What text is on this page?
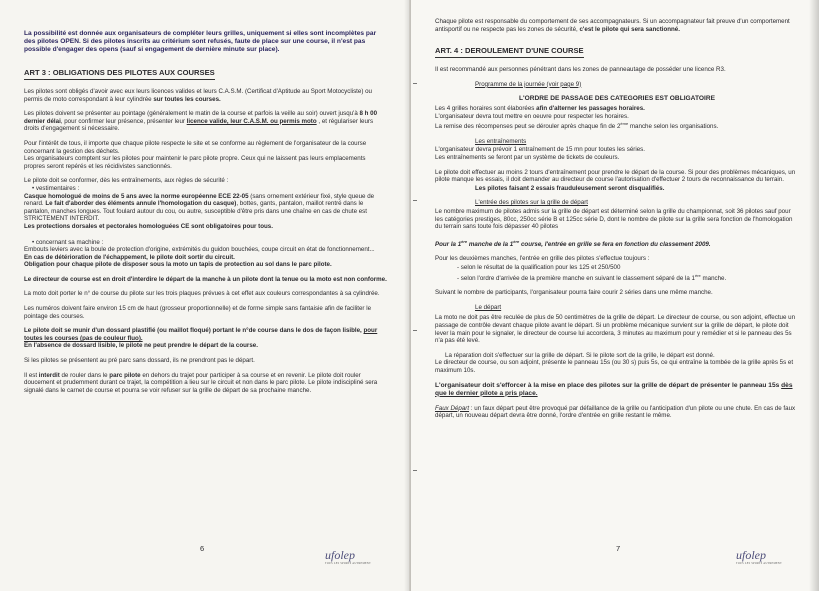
La possibilité est donnée aux organisateurs de compléter leurs grilles, uniquement si elles sont incomplètes par des pilotes OPEN. Si des pilotes inscrits au critérium sont refusés, faute de place sur une course, il n'est pas possible d'engager des opens (sauf si engagement de dernière minute sur place).

ART 3 : OBLIGATIONS DES PILOTES AUX COURSES

Les pilotes sont obligés d'avoir avec eux leurs licences valides et leurs C.A.S.M. (Certificat d'Aptitude au Sport Motocycliste) ou permis de moto correspondant à leur cylindrée sur toutes les courses.

Les pilotes doivent se présenter au pointage (généralement le matin de la course et parfois la veille au soir) ouvert jusqu'à 8 h 00 dernier délai, pour confirmer leur présence, présenter leur licence valide, leur C.A.S.M. ou permis moto , et régulariser leurs droits d'engagement si nécessaire.

Pour l'intérêt de tous, il importe que chaque pilote respecte le site et se conforme au règlement de l'organisateur de la course concernant la gestion des déchets.

Les organisateurs comptent sur les pilotes pour maintenir le parc pilote propre. Ceux qui ne laissent pas leurs emplacements propres seront repérés et les récidivistes sanctionnés.

Le pilote doit se conformer, dès les entraînements, aux règles de sécurité :

• vestimentaires :

Casque homologué de moins de 5 ans avec la norme européenne ECE 22-05 (sans ornement extérieur fixé, style queue de renard. Le fait d'aborder des éléments annule l'homologation du casque), bottes, gants, pantalon, maillot rentré dans le pantalon, manches longues. Tout foulard autour du cou, ou autre, susceptible d'être pris dans une chaîne en cas de chute est STRICTEMENT INTERDIT.
Les protections dorsales et pectorales homologuées CE sont obligatoires pour tous.

• concernant sa machine :

Embouts leviers avec la boule de protection d'origine, extrémités du guidon bouchées, coupe circuit en état de fonctionnement...
En cas de détérioration de l'échappement, le pilote doit sortir du circuit.
Obligation pour chaque pilote de disposer sous la moto un tapis de protection au sol dans le parc pilote.

Le directeur de course est en droit d'interdire le départ de la manche à un pilote dont la tenue ou la moto est non conforme.

La moto doit porter le n° de course du pilote sur les trois plaques prévues à cet effet aux couleurs correspondantes à sa cylindrée.

Les numéros doivent faire environ 15 cm de haut (grosseur proportionnelle) et de forme simple sans fantaisie afin de faciliter le pointage des courses.

Le pilote doit se munir d'un dossard plastifié (ou maillot floqué) portant le n°de course dans le dos de façon lisible, pour toutes les courses (pas de couleur fluo).
En l'absence de dossard lisible, le pilote ne peut prendre le départ de la course.

Si les pilotes se présentent au pré parc sans dossard, ils ne prendront pas le départ.

Il est interdit de rouler dans le parc pilote en dehors du trajet pour participer à sa course et en revenir. Le pilote doit rouler doucement et prudemment durant ce trajet, la compétition a lieu sur le circuit et non dans le parc pilote. Le pilote indiscipliné sera signalé dans le carnet de course et pourra se voir refuser sur la grille de départ de sa prochaine manche.

6	ufolep
TOUS LES SPORTS AUTREMENT

Chaque pilote est responsable du comportement de ses accompagnateurs. Si un accompagnateur fait preuve d'un comportement antisportif ou ne respecte pas les zones de sécurité, c'est le pilote qui sera sanctionné.

ART. 4 : DEROULEMENT D'UNE COURSE

Il est recommandé aux personnes pénétrant dans les zones de panneautage de posséder une licence R3.

Programme de la journée (voir page 9)

L'ORDRE DE PASSAGE DES CATEGORIES EST OBLIGATOIRE

Les 4 grilles horaires sont élaborées afin d'alterner les passages horaires.
L'organisateur devra tout mettre en oeuvre pour respecter les horaires.
La remise des récompenses peut se dérouler après chaque fin de 2ème manche selon les organisations.

Les entraînements

L'organisateur devra prévoir 1 entraînement de 15 mn pour toutes les séries.
Les entraînements se feront par un système de tickets de couleurs.

Le pilote doit effectuer au moins 2 tours d'entraînement pour prendre le départ de la course. Si pour des problèmes mécaniques, un pilote manque les essais, il doit demander au directeur de course l'autorisation d'effectuer 2 tours de reconnaissance du terrain.

Les pilotes faisant 2 essais frauduleusement seront disqualifiés.

L'entrée des pilotes sur la grille de départ

Le nombre maximum de pilotes admis sur la grille de départ est déterminé selon la grille du championnat, soit 36 pilotes sauf pour les catégories prestiges, 80cc, 250cc série B et 125cc série D, dont le nombre de pilote sur la grille sera fonction de l'homologation du terrain sans toute fois dépasser 40 pilotes

Pour la 1ère manche de la 1ère course, l'entrée en grille se fera en fonction du classement 2009.

Pour les deuxièmes manches, l'entrée en grille des pilotes s'effectue toujours :

- selon le résultat de la qualification pour les 125 et 250/500
- selon l'ordre d'arrivée de la première manche en suivant le classement séparé de la 1ère manche.

Suivant le nombre de participants, l'organisateur pourra faire courir 2 séries dans une même manche.

Le départ

La moto ne doit pas être reculée de plus de 50 centimètres de la grille de départ. Le directeur de course, ou son adjoint, effectue un passage de contrôle devant chaque pilote avant le départ. Si un problème mécanique survient sur la grille de départ, le pilote doit lever la main pour le signaler, le directeur de course lui accordera, 3 minutes au maximum pour y remédier et si le panneau des 5s n'a pas été levé.

La réparation doit s'effectuer sur la grille de départ. Si le pilote sort de la grille, le départ est donné.
Le directeur de course, ou son adjoint, présente le panneau 15s (ou 30 s) puis 5s, ce qui entraîne la tombée de la grille après 5s et maximum 10s.

L'organisateur doit s'efforcer à la mise en place des pilotes sur la grille de départ de présenter le panneau 15s dès que le dernier pilote a pris place.

Faux Départ : un faux départ peut être provoqué par défaillance de la grille ou l'anticipation d'un pilote ou une chute. En cas de faux départ, un nouveau départ devra être donné, l'ordre d'entrée en grille restant le même.

7	ufolep
TOUS LES SPORTS AUTREMENT
